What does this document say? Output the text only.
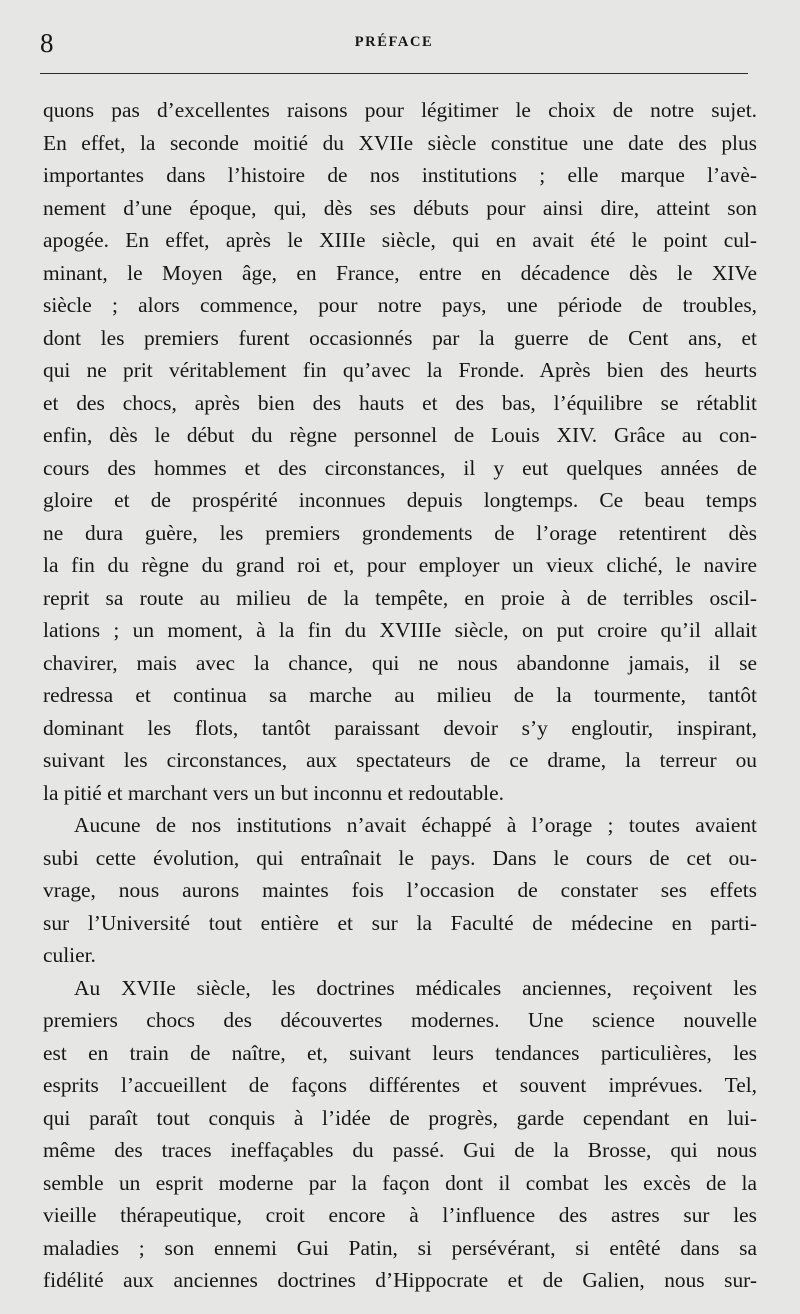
8	PRÉFACE
quons pas d’excellentes raisons pour légitimer le choix de notre sujet.
En effet, la seconde moitié du XVIIe siècle constitue une date des plus
importantes dans l’histoire de nos institutions ; elle marque l’avè-
nement d’une époque, qui, dès ses débuts pour ainsi dire, atteint son
apogée. En effet, après le XIIIe siècle, qui en avait été le point cul-
minant, le Moyen âge, en France, entre en décadence dès le XIVe
siècle ; alors commence, pour notre pays, une période de troubles,
dont les premiers furent occasionnés par la guerre de Cent ans, et
qui ne prit véritablement fin qu’avec la Fronde. Après bien des heurts
et des chocs, après bien des hauts et des bas, l’équilibre se rétablit
enfin, dès le début du règne personnel de Louis XIV. Grâce au con-
cours des hommes et des circonstances, il y eut quelques années de
gloire et de prospérité inconnues depuis longtemps. Ce beau temps
ne dura guère, les premiers grondements de l’orage retentirent dès
la fin du règne du grand roi et, pour employer un vieux cliché, le navire
reprit sa route au milieu de la tempête, en proie à de terribles oscil-
lations ; un moment, à la fin du XVIIIe siècle, on put croire qu’il allait
chavirer, mais avec la chance, qui ne nous abandonne jamais, il se
redressa et continua sa marche au milieu de la tourmente, tantôt
dominant les flots, tantôt paraissant devoir s’y engloutir, inspirant,
suivant les circonstances, aux spectateurs de ce drame, la terreur ou
la pitié et marchant vers un but inconnu et redoutable.
Aucune de nos institutions n’avait échappé à l’orage ; toutes avaient
subi cette évolution, qui entraînait le pays. Dans le cours de cet ou-
vrage, nous aurons maintes fois l’occasion de constater ses effets
sur l’Université tout entière et sur la Faculté de médecine en parti-
culier.
Au XVIIe siècle, les doctrines médicales anciennes, reçoivent les
premiers chocs des découvertes modernes. Une science nouvelle
est en train de naître, et, suivant leurs tendances particulières, les
esprits l’accueillent de façons différentes et souvent imprévues. Tel,
qui paraît tout conquis à l’idée de progrès, garde cependant en lui-
même des traces ineffaçables du passé. Gui de la Brosse, qui nous
semble un esprit moderne par la façon dont il combat les excès de la
vieille thérapeutique, croit encore à l’influence des astres sur les
maladies ; son ennemi Gui Patin, si persévérant, si entêté dans sa
fidélité aux anciennes doctrines d’Hippocrate et de Galien, nous sur-
